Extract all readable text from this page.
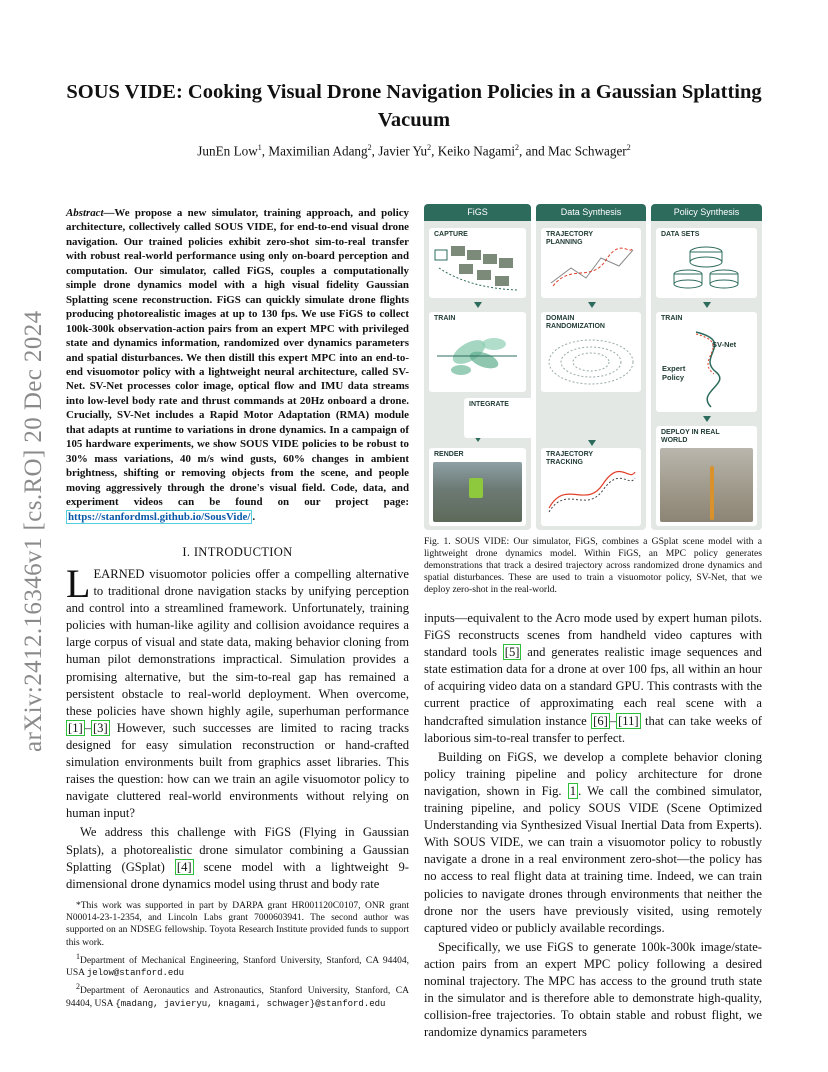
SOUS VIDE: Cooking Visual Drone Navigation Policies in a Gaussian Splatting Vacuum
JunEn Low$^1$, Maximilian Adang$^2$, Javier Yu$^2$, Keiko Nagami$^2$, and Mac Schwager$^2$
arXiv:2412.16346v1 [cs.RO] 20 Dec 2024
Abstract—We propose a new simulator, training approach, and policy architecture, collectively called SOUS VIDE, for end-to-end visual drone navigation. Our trained policies exhibit zero-shot sim-to-real transfer with robust real-world performance using only on-board perception and computation. Our simulator, called FiGS, couples a computationally simple drone dynamics model with a high visual fidelity Gaussian Splatting scene reconstruction. FiGS can quickly simulate drone flights producing photorealistic images at up to 130 fps. We use FiGS to collect 100k-300k observation-action pairs from an expert MPC with privileged state and dynamics information, randomized over dynamics parameters and spatial disturbances. We then distill this expert MPC into an end-to-end visuomotor policy with a lightweight neural architecture, called SV-Net. SV-Net processes color image, optical flow and IMU data streams into low-level body rate and thrust commands at 20Hz onboard a drone. Crucially, SV-Net includes a Rapid Motor Adaptation (RMA) module that adapts at runtime to variations in drone dynamics. In a campaign of 105 hardware experiments, we show SOUS VIDE policies to be robust to 30% mass variations, 40 m/s wind gusts, 60% changes in ambient brightness, shifting or removing objects from the scene, and people moving aggressively through the drone's visual field. Code, data, and experiment videos can be found on our project page: https://stanfordmsl.github.io/SousVide/ .
I. INTRODUCTION

LEARNED visuomotor policies offer a compelling alternative to traditional drone navigation stacks by unifying perception and control into a streamlined framework. Unfortunately, training policies with human-like agility and collision avoidance requires a large corpus of visual and state data, making behavior cloning from human pilot demonstrations impractical. Simulation provides a promising alternative, but the sim-to-real gap has remained a persistent obstacle to real-world deployment. When overcome, these policies have shown highly agile, superhuman performance [1] – [3] However, such successes are limited to racing tracks designed for easy simulation reconstruction or hand-crafted simulation environments built from graphics asset libraries. This raises the question: how can we train an agile visuomotor policy to navigate cluttered real-world environments without relying on human input?

We address this challenge with FiGS (Flying in Gaussian Splats), a photorealistic drone simulator combining a Gaussian Splatting (GSplat) [4] scene model with a lightweight 9-dimensional drone dynamics model using thrust and body rate

*This work was supported in part by DARPA grant HR001120C0107, ONR grant N00014-23-1-2354, and Lincoln Labs grant 7000603941. The second author was supported on an NDSEG fellowship. Toyota Research Institute provided funds to support this work.

$^1$Department of Mechanical Engineering, Stanford University, Stanford, CA 94404, USA jelow@stanford.edu

$^2$Department of Aeronautics and Astronautics, Stanford University, Stanford, CA 94404, USA {madang, javieryu, knagami, schwager}@stanford.edu

FiGS
CAPTURE
TRAIN
RENDER
INTEGRATE
Data Synthesis
TRAJECTORY PLANNING
DOMAIN RANDOMIZATION
TRAJECTORY TRACKING
Policy Synthesis
DATA SETS
TRAIN
SV-Net
Expert Policy
DEPLOY IN REAL WORLD
Fig. 1. SOUS VIDE: Our simulator, FiGS, combines a GSplat scene model with a lightweight drone dynamics model. Within FiGS, an MPC policy generates demonstrations that track a desired trajectory across randomized drone dynamics and spatial disturbances. These are used to train a visuomotor policy, SV-Net, that we deploy zero-shot in the real-world.

inputs—equivalent to the Acro mode used by expert human pilots. FiGS reconstructs scenes from handheld video captures with standard tools [5] and generates realistic image sequences and state estimation data for a drone at over 100 fps, all within an hour of acquiring video data on a standard GPU. This contrasts with the current practice of approximating each real scene with a handcrafted simulation instance [6] – [11] that can take weeks of laborious sim-to-real transfer to perfect.

Building on FiGS, we develop a complete behavior cloning policy training pipeline and policy architecture for drone navigation, shown in Fig. 1 . We call the combined simulator, training pipeline, and policy SOUS VIDE (Scene Optimized Understanding via Synthesized Visual Inertial Data from Experts). With SOUS VIDE, we can train a visuomotor policy to robustly navigate a drone in a real environment zero-shot—the policy has no access to real flight data at training time. Indeed, we can train policies to navigate drones through environments that neither the drone nor the users have previously visited, using remotely captured video or publicly available recordings.

Specifically, we use FiGS to generate 100k-300k image/state-action pairs from an expert MPC policy following a desired nominal trajectory. The MPC has access to the ground truth state in the simulator and is therefore able to demonstrate high-quality, collision-free trajectories. To obtain stable and robust flight, we randomize dynamics parameters
